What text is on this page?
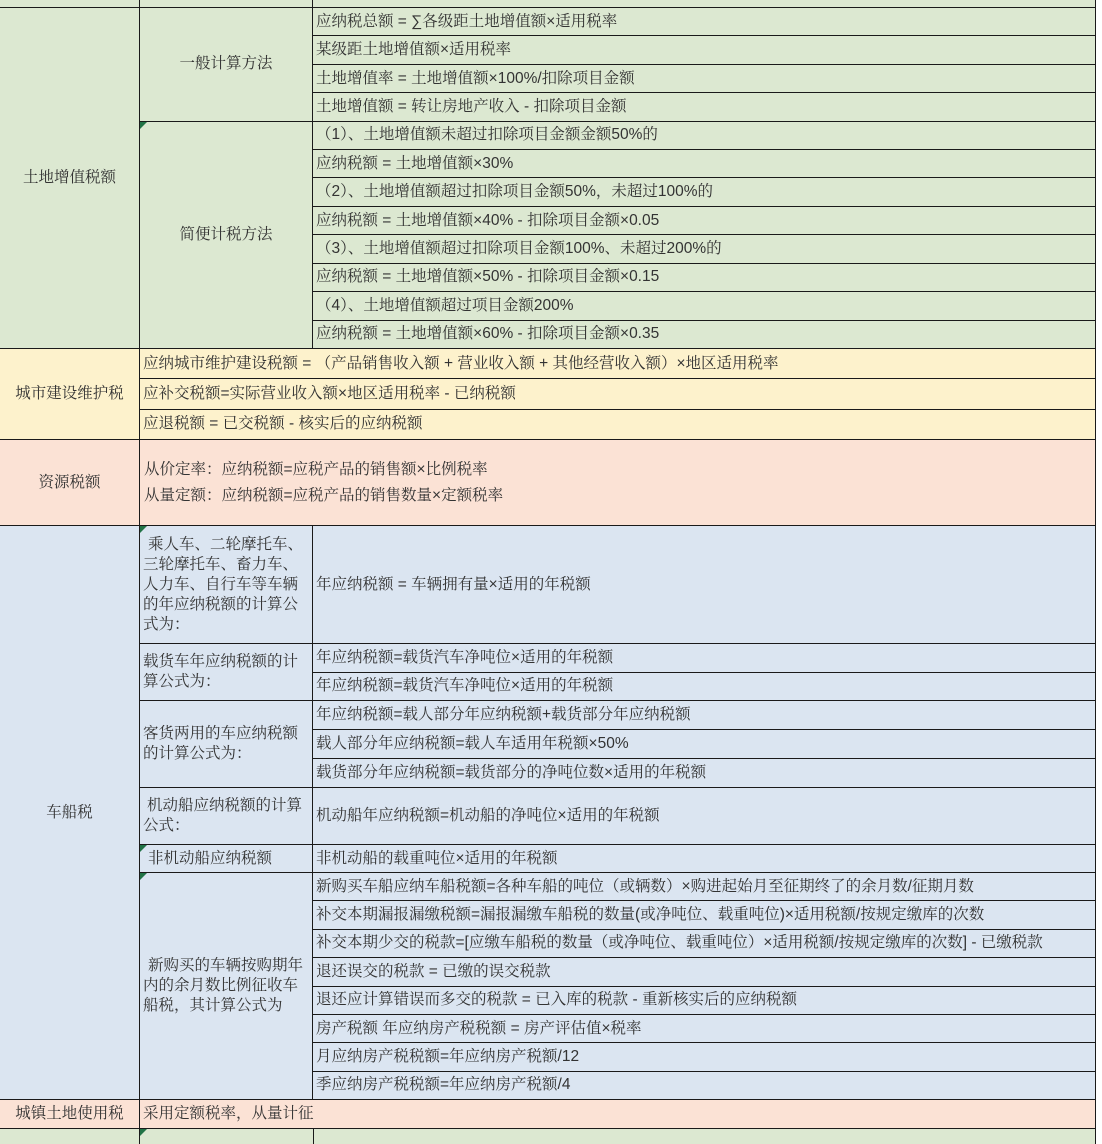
土地增值税额
一般计算方法
简便计税方法
应纳税总额 = ∑各级距土地增值额×适用税率
某级距土地增值额×适用税率
土地增值率 = 土地增值额×100%/扣除项目金额
土地增值额 = 转让房地产收入 - 扣除项目金额
（1）、土地增值额未超过扣除项目金额金额50%的
应纳税额 = 土地增值额×30%
（2）、土地增值额超过扣除项目金额50%，未超过100%的
应纳税额 = 土地增值额×40% - 扣除项目金额×0.05
（3）、土地增值额超过扣除项目金额100%、未超过200%的
应纳税额 = 土地增值额×50% - 扣除项目金额×0.15
（4）、土地增值额超过项目金额200%
应纳税额 = 土地增值额×60% - 扣除项目金额×0.35
城市建设维护税
应纳城市维护建设税额 = （产品销售收入额 + 营业收入额 + 其他经营收入额）×地区适用税率
应补交税额=实际营业收入额×地区适用税率 - 已纳税额
应退税额 = 已交税额 - 核实后的应纳税额
资源税额
从价定率：应纳税额=应税产品的销售额×比例税率
从量定额：应纳税额=应税产品的销售数量×定额税率
车船税
乘人车、二轮摩托车、三轮摩托车、畜力车、人力车、自行车等车辆的年应纳税额的计算公式为：
年应纳税额 = 车辆拥有量×适用的年税额
载货车年应纳税额的计算公式为：
年应纳税额=载货汽车净吨位×适用的年税额
年应纳税额=载货汽车净吨位×适用的年税额
客货两用的车应纳税额的计算公式为：
年应纳税额=载人部分年应纳税额+载货部分年应纳税额
载人部分年应纳税额=载人车适用年税额×50%
载货部分年应纳税额=载货部分的净吨位数×适用的年税额
机动船应纳税额的计算公式：
机动船年应纳税额=机动船的净吨位×适用的年税额
非机动船应纳税额	非机动船的载重吨位×适用的年税额
新购买的车辆按购期年内的余月数比例征收车船税，其计算公式为
新购买车船应纳车船税额=各种车船的吨位（或辆数）×购进起始月至征期终了的余月数/征期月数
补交本期漏报漏缴税额=漏报漏缴车船税的数量(或净吨位、载重吨位)×适用税额/按规定缴库的次数
补交本期少交的税款=[应缴车船税的数量（或净吨位、载重吨位）×适用税额/按规定缴库的次数] - 已缴税款
退还误交的税款 = 已缴的误交税款
退还应计算错误而多交的税款 = 已入库的税款 - 重新核实后的应纳税额
房产税额 年应纳房产税税额 = 房产评估值×税率
月应纳房产税税额=年应纳房产税额/12
季应纳房产税税额=年应纳房产税额/4
城镇土地使用税	采用定额税率，从量计征
